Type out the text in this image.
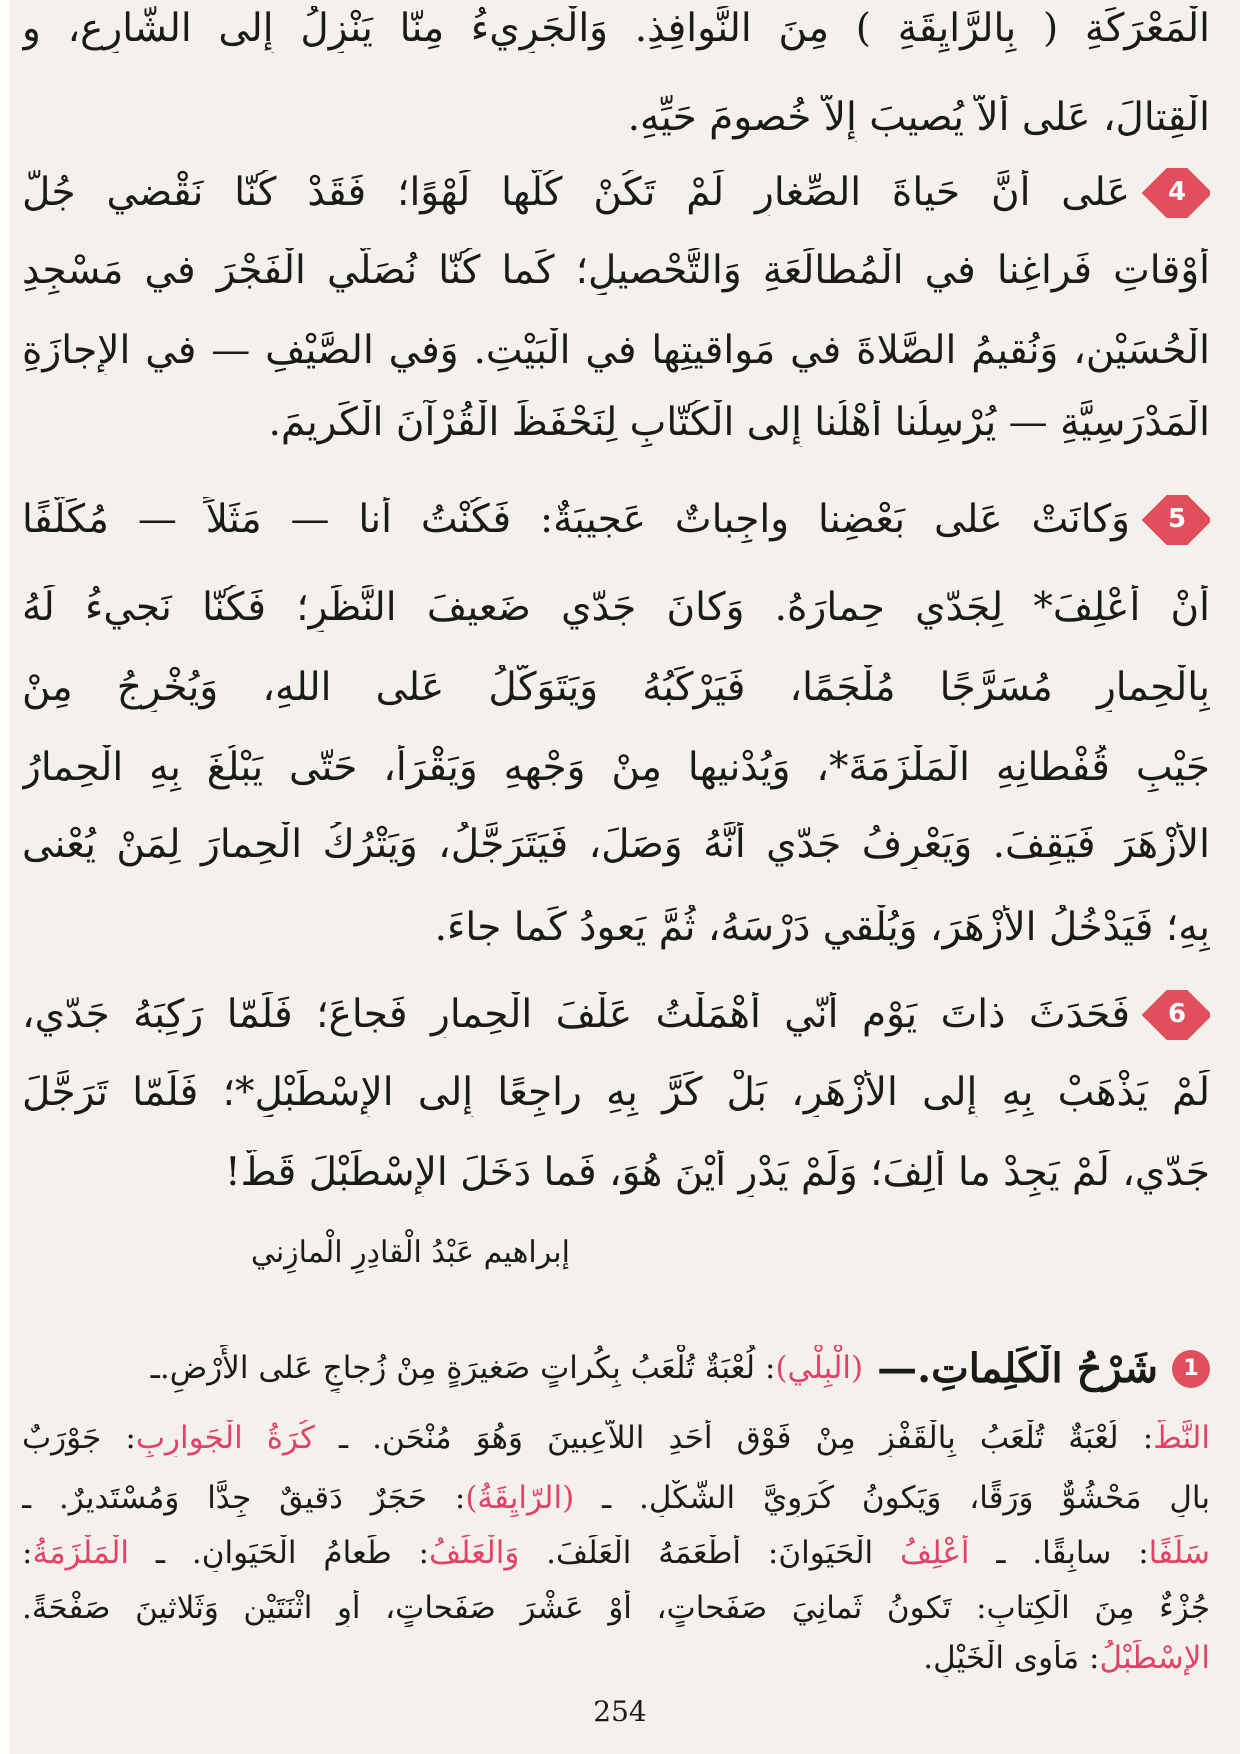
الْمَعْرَكَةِ ( بِالرَّايِقَةِ ) مِنَ النَّوافِذِ. وَالْجَرِيءُ مِنّا يَنْزِلُ إِلى الشّارِعِ، و
الْقِتالَ، عَلى أَلاّ يُصيبَ إِلاّ خُصومَ حَيِّهِ.
4
عَلى أَنَّ حَياةَ الصِّغارِ لَمْ تَكُنْ كُلُّها لَهْوًا؛ فَقَدْ كُنّا نَقْضي جُلَّ
أَوْقاتِ فَراغِنا في الْمُطالَعَةِ وَالتَّحْصيلِ؛ كَما كُنّا نُصَلّي الْفَجْرَ في مَسْجِدِ
الْحُسَيْنِ، وَنُقيمُ الصَّلاةَ في مَواقيتِها في الْبَيْتِ. وَفي الصَّيْفِ — في الإِجازَةِ
الْمَدْرَسِيَّةِ — يُرْسِلُنا أَهْلُنا إِلى الْكُتّابِ لِنَحْفَظَ الْقُرْآنَ الْكَريمَ.
5
وَكانَتْ عَلى بَعْضِنا واجِباتٌ عَجيبَةٌ: فَكُنْتُ أَنا — مَثَلاً — مُكَلَّفًا
أَنْ أَعْلِفَ* لِجَدّي حِمارَهُ. وَكانَ جَدّي ضَعيفَ النَّظَرِ؛ فَكُنّا نَجيءُ لَهُ
بِالْحِمارِ مُسَرَّجًا مُلْجَمًا، فَيَرْكَبُهُ وَيَتَوَكَّلُ عَلى اللهِ، وَيُخْرِجُ مِنْ
جَيْبِ قُفْطانِهِ الْمَلْزَمَةَ*، وَيُدْنيها مِنْ وَجْهِهِ وَيَقْرَأُ، حَتّى يَبْلُغَ بِهِ الْحِمارُ
الأَزْهَرَ فَيَقِفَ. وَيَعْرِفُ جَدّي أَنَّهُ وَصَلَ، فَيَتَرَجَّلُ، وَيَتْرُكُ الْحِمارَ لِمَنْ يُعْنى
بِهِ؛ فَيَدْخُلُ الأَزْهَرَ، وَيُلْقي دَرْسَهُ، ثُمَّ يَعودُ كَما جاءَ.
6
فَحَدَثَ ذاتَ يَوْمٍ أَنّي أَهْمَلْتُ عَلْفَ الْحِمارِ فَجاعَ؛ فَلَمّا رَكِبَهُ جَدّي،
لَمْ يَذْهَبْ بِهِ إِلى الأَزْهَرِ، بَلْ كَرَّ بِهِ راجِعًا إِلى الإِسْطَبْلِ*؛ فَلَمّا تَرَجَّلَ
جَدّي، لَمْ يَجِدْ ما أَلِفَ؛ وَلَمْ يَدْرِ أَيْنَ هُوَ، فَما دَخَلَ الإِسْطَبْلَ قَطُّ!
إبراهيم عَبْدُ الْقادِرِ الْمازِني
1
شَرْحُ الْكَلِماتِ.—
(الْبِلْي): لُعْبَةٌ تُلْعَبُ بِكُراتٍ صَغيرَةٍ مِنْ زُجاجٍ عَلى الأَرْضِ.ـ
النَّطُّ: لُعْبَةٌ تُلْعَبُ بِالْقَفْزِ مِنْ فَوْقِ أَحَدِ اللاّعِبينَ وَهُوَ مُنْحَنٍ. ـ كُرَةُ الْجَوارِبِ: جَوْرَبٌ
بالٍ مَحْشُوٌّ وَرَقًا، وَيَكونُ كُرَوِيَّ الشَّكْلِ. ـ (الرّايِقَةُ): حَجَرٌ دَقيقٌ جِدًّا وَمُسْتَديرٌ. ـ
سَلَفًا: سابِقًا. ـ أَعْلِفُ الْحَيَوانَ: أَطْعَمَهُ الْعَلَفَ. وَالْعَلَفُ: طَعامُ الْحَيَوانِ. ـ الْمَلْزَمَةُ:
جُزْءٌ مِنَ الْكِتابِ: تَكونُ ثَمانِيَ صَفَحاتٍ، أَوْ عَشْرَ صَفَحاتٍ، أَوِ اثْنَتَيْنِ وَثَلاثينَ صَفْحَةً.
الإِسْطَبْلُ: مَأْوى الْخَيْلِ.
254
